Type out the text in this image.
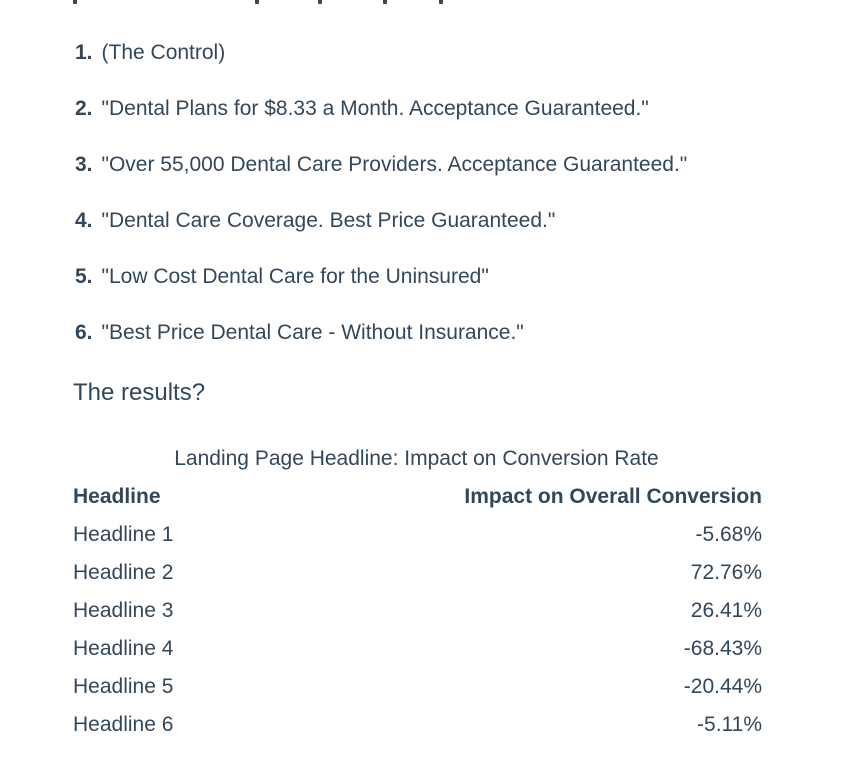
1. (The Control)
2. "Dental Plans for $8.33 a Month. Acceptance Guaranteed."
3. "Over 55,000 Dental Care Providers. Acceptance Guaranteed."
4. "Dental Care Coverage. Best Price Guaranteed."
5. "Low Cost Dental Care for the Uninsured"
6. "Best Price Dental Care - Without Insurance."
The results?
Landing Page Headline: Impact on Conversion Rate
Headline	Impact on Overall Conversion
Headline 1	-5.68%
Headline 2	72.76%
Headline 3	26.41%
Headline 4	-68.43%
Headline 5	-20.44%
Headline 6	-5.11%
